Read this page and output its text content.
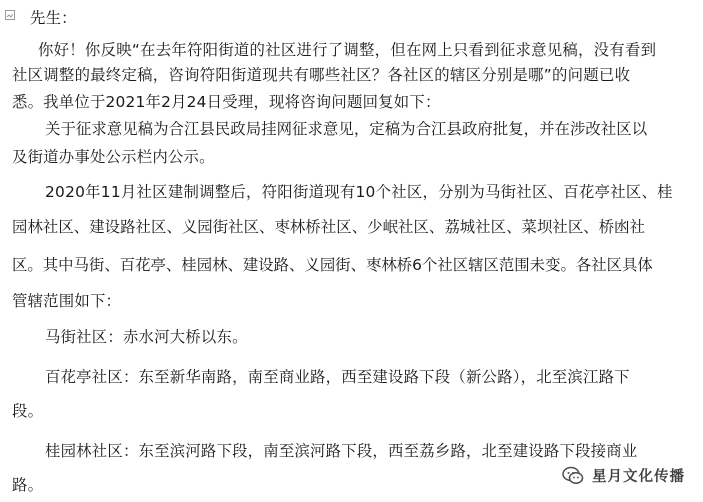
先生：
你好！你反映“在去年符阳街道的社区进行了调整，但在网上只看到征求意见稿，没有看到
社区调整的最终定稿，咨询符阳街道现共有哪些社区？各社区的辖区分别是哪”的问题已收
悉。我单位于2021年2月24日受理，现将咨询问题回复如下：
关于征求意见稿为合江县民政局挂网征求意见，定稿为合江县政府批复，并在涉改社区以
及街道办事处公示栏内公示。
2020年11月社区建制调整后，符阳街道现有10个社区，分别为马街社区、百花亭社区、桂
园林社区、建设路社区、义园街社区、枣林桥社区、少岷社区、荔城社区、菜坝社区、桥凼社
区。其中马街、百花亭、桂园林、建设路、义园街、枣林桥6个社区辖区范围未变。各社区具体
管辖范围如下：
马街社区：赤水河大桥以东。
百花亭社区：东至新华南路，南至商业路，西至建设路下段（新公路），北至滨江路下
段。
桂园林社区：东至滨河路下段，南至滨河路下段，西至荔乡路，北至建设路下段接商业
路。	星月文化传播
